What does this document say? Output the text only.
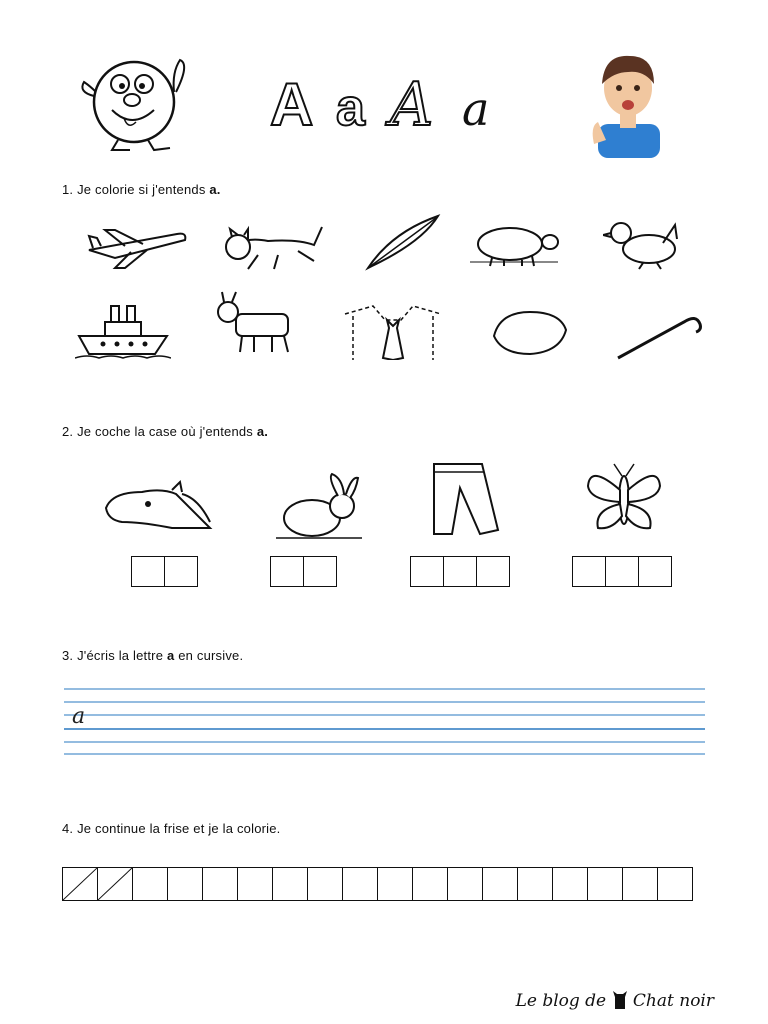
A a A a
1. Je colorie si j'entends a.
2. Je coche la case où j'entends a.
3. J'écris la lettre a en cursive.
a
4. Je continue la frise et je la colorie.
Le blog de Chat noir
